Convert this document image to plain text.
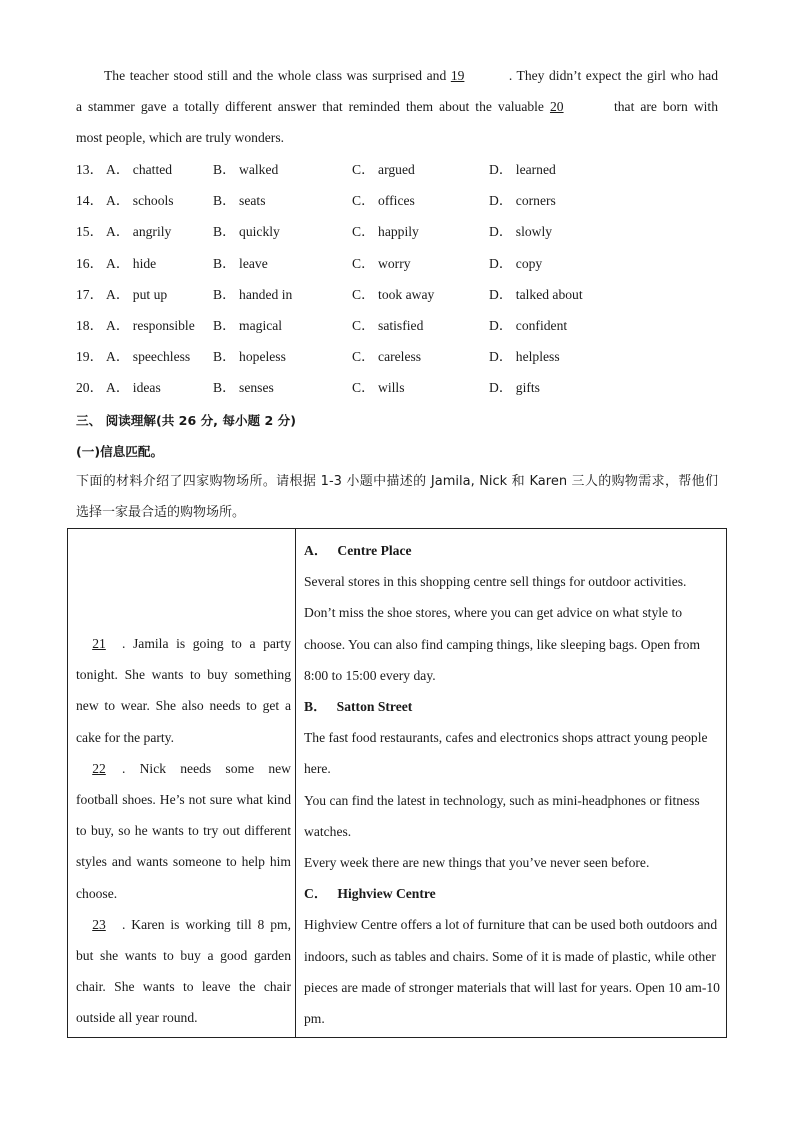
The teacher stood still and the whole class was surprised and 19	. They didn’t expect the girl who had

a stammer gave a totally different answer that reminded them about the valuable 20	that are born with

most people, which are truly wonders.

13． A． chatted	B． walked	C． argued	D． learned
14． A． schools	B． seats	C． offices	D． corners
15． A． angrily	B． quickly	C． happily	D． slowly
16． A． hide	B． leave	C． worry	D． copy
17． A． put up	B． handed in	C． took away	D． talked about
18． A． responsible B． magical	C． satisfied	D． confident
19． A． speechless B． hopeless	C． careless	D． helpless
20． A． ideas	B． senses	C． wills	D． gifts
三、 阅读理解(共 26 分, 每小题 2 分)
(一)信息匹配。

下面的材料介绍了四家购物场所。请根据 1-3 小题中描述的 Jamila, Nick 和 Karen 三人的购物需求，帮他们

选择一家最合适的购物场所。

21 . Jamila is going to a party tonight. She wants to buy something new to wear. She also needs to get a cake for the party.

22 . Nick needs some new football shoes. He’s not sure what kind to buy, so he wants to try out different styles and wants someone to help him choose.

23 . Karen is working till 8 pm, but she wants to buy a good garden chair. She wants to leave the chair outside all year round.

A． Centre Place

Several stores in this shopping centre sell things for outdoor activities. Don’t miss the shoe stores, where you can get advice on what style to choose. You can also find camping things, like sleeping bags. Open from 8:00 to 15:00 every day.

B． Satton Street

The fast food restaurants, cafes and electronics shops attract young people here.

You can find the latest in technology, such as mini-headphones or fitness watches.

Every week there are new things that you’ve never seen before.

C． Highview Centre

Highview Centre offers a lot of furniture that can be used both outdoors and indoors, such as tables and chairs. Some of it is made of plastic, while other pieces are made of stronger materials that will last for years. Open 10 am-10 pm.
